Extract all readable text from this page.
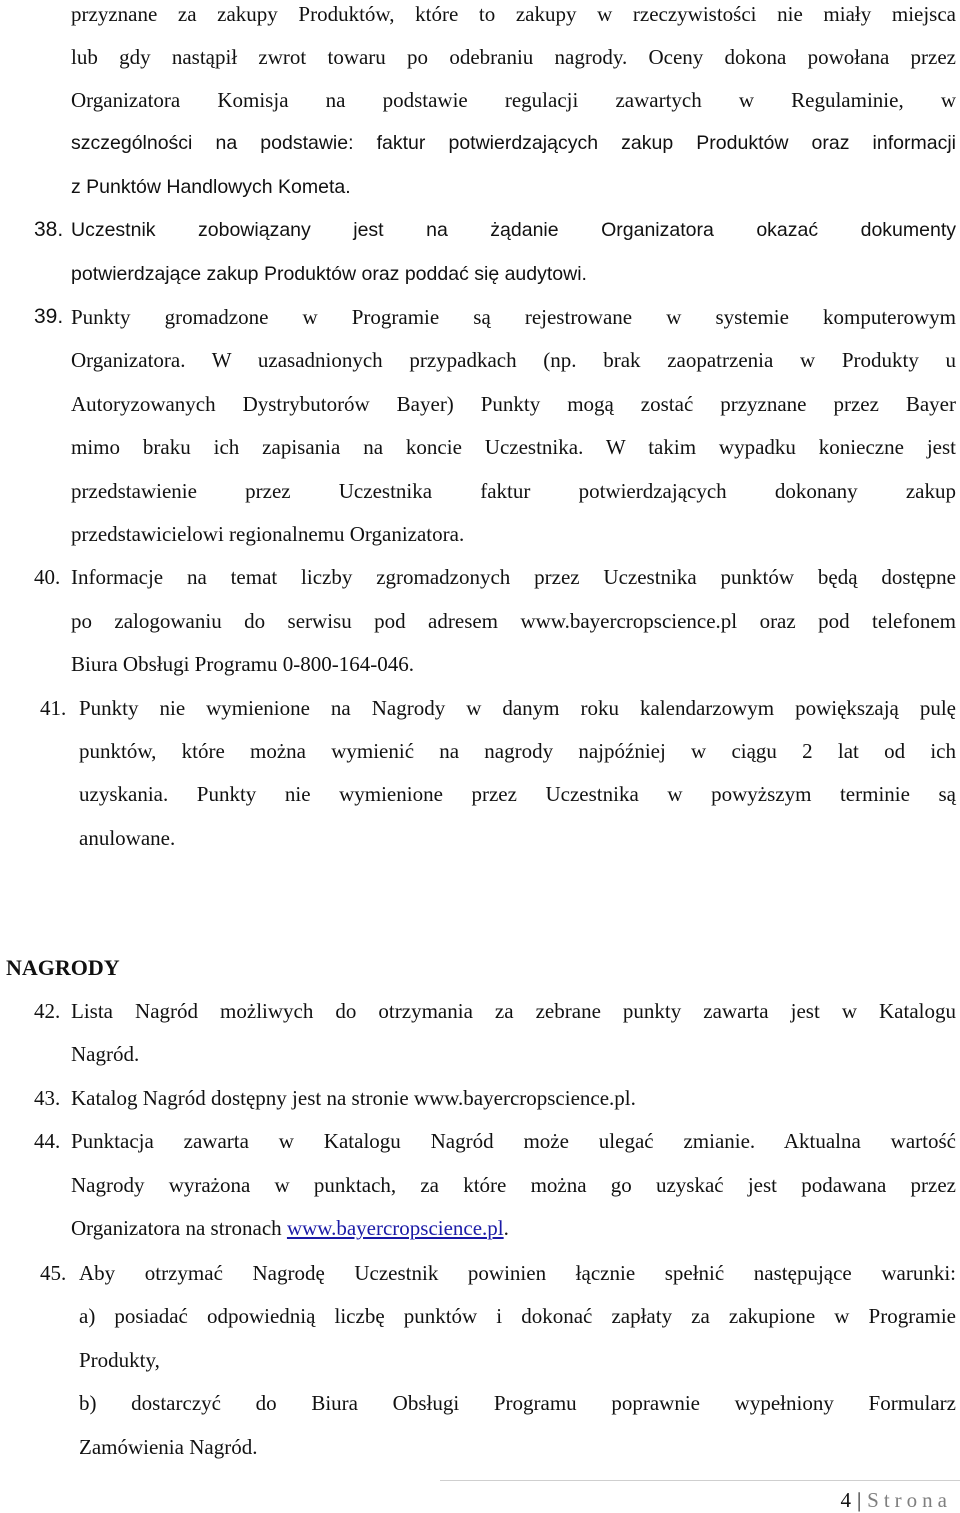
przyznane za zakupy Produktów, które to zakupy w rzeczywistości nie miały miejsca
lub gdy nastąpił zwrot towaru po odebraniu nagrody. Oceny dokona powołana przez
Organizatora Komisja na podstawie regulacji zawartych w Regulaminie, w
szczególności na podstawie: faktur potwierdzających zakup Produktów oraz informacji
z Punktów Handlowych Kometa.
38. Uczestnik zobowiązany jest na żądanie Organizatora okazać dokumenty
potwierdzające zakup Produktów oraz poddać się audytowi.
39. Punkty gromadzone w Programie są rejestrowane w systemie komputerowym
Organizatora. W uzasadnionych przypadkach (np. brak zaopatrzenia w Produkty u
Autoryzowanych Dystrybutorów Bayer) Punkty mogą zostać przyznane przez Bayer
mimo braku ich zapisania na koncie Uczestnika. W takim wypadku konieczne jest
przedstawienie przez Uczestnika faktur potwierdzających dokonany zakup
przedstawicielowi regionalnemu Organizatora.
40. Informacje na temat liczby zgromadzonych przez Uczestnika punktów będą dostępne
po zalogowaniu do serwisu pod adresem www.bayercropscience.pl oraz pod telefonem
Biura Obsługi Programu 0-800-164-046.
41. Punkty nie wymienione na Nagrody w danym roku kalendarzowym powiększają pulę
punktów, które można wymienić na nagrody najpóźniej w ciągu 2 lat od ich
uzyskania. Punkty nie wymienione przez Uczestnika w powyższym terminie są
anulowane.
NAGRODY
42. Lista Nagród możliwych do otrzymania za zebrane punkty zawarta jest w Katalogu
Nagród.
43. Katalog Nagród dostępny jest na stronie www.bayercropscience.pl.
44. Punktacja zawarta w Katalogu Nagród może ulegać zmianie. Aktualna wartość
Nagrody wyrażona w punktach, za które można go uzyskać jest podawana przez
Organizatora na stronach www.bayercropscience.pl.
45. Aby otrzymać Nagrodę Uczestnik powinien łącznie spełnić następujące warunki:
a) posiadać odpowiednią liczbę punktów i dokonać zapłaty za zakupione w Programie
Produkty,
b) dostarczyć do Biura Obsługi Programu poprawnie wypełniony Formularz
Zamówienia Nagród.
4 | Strona
